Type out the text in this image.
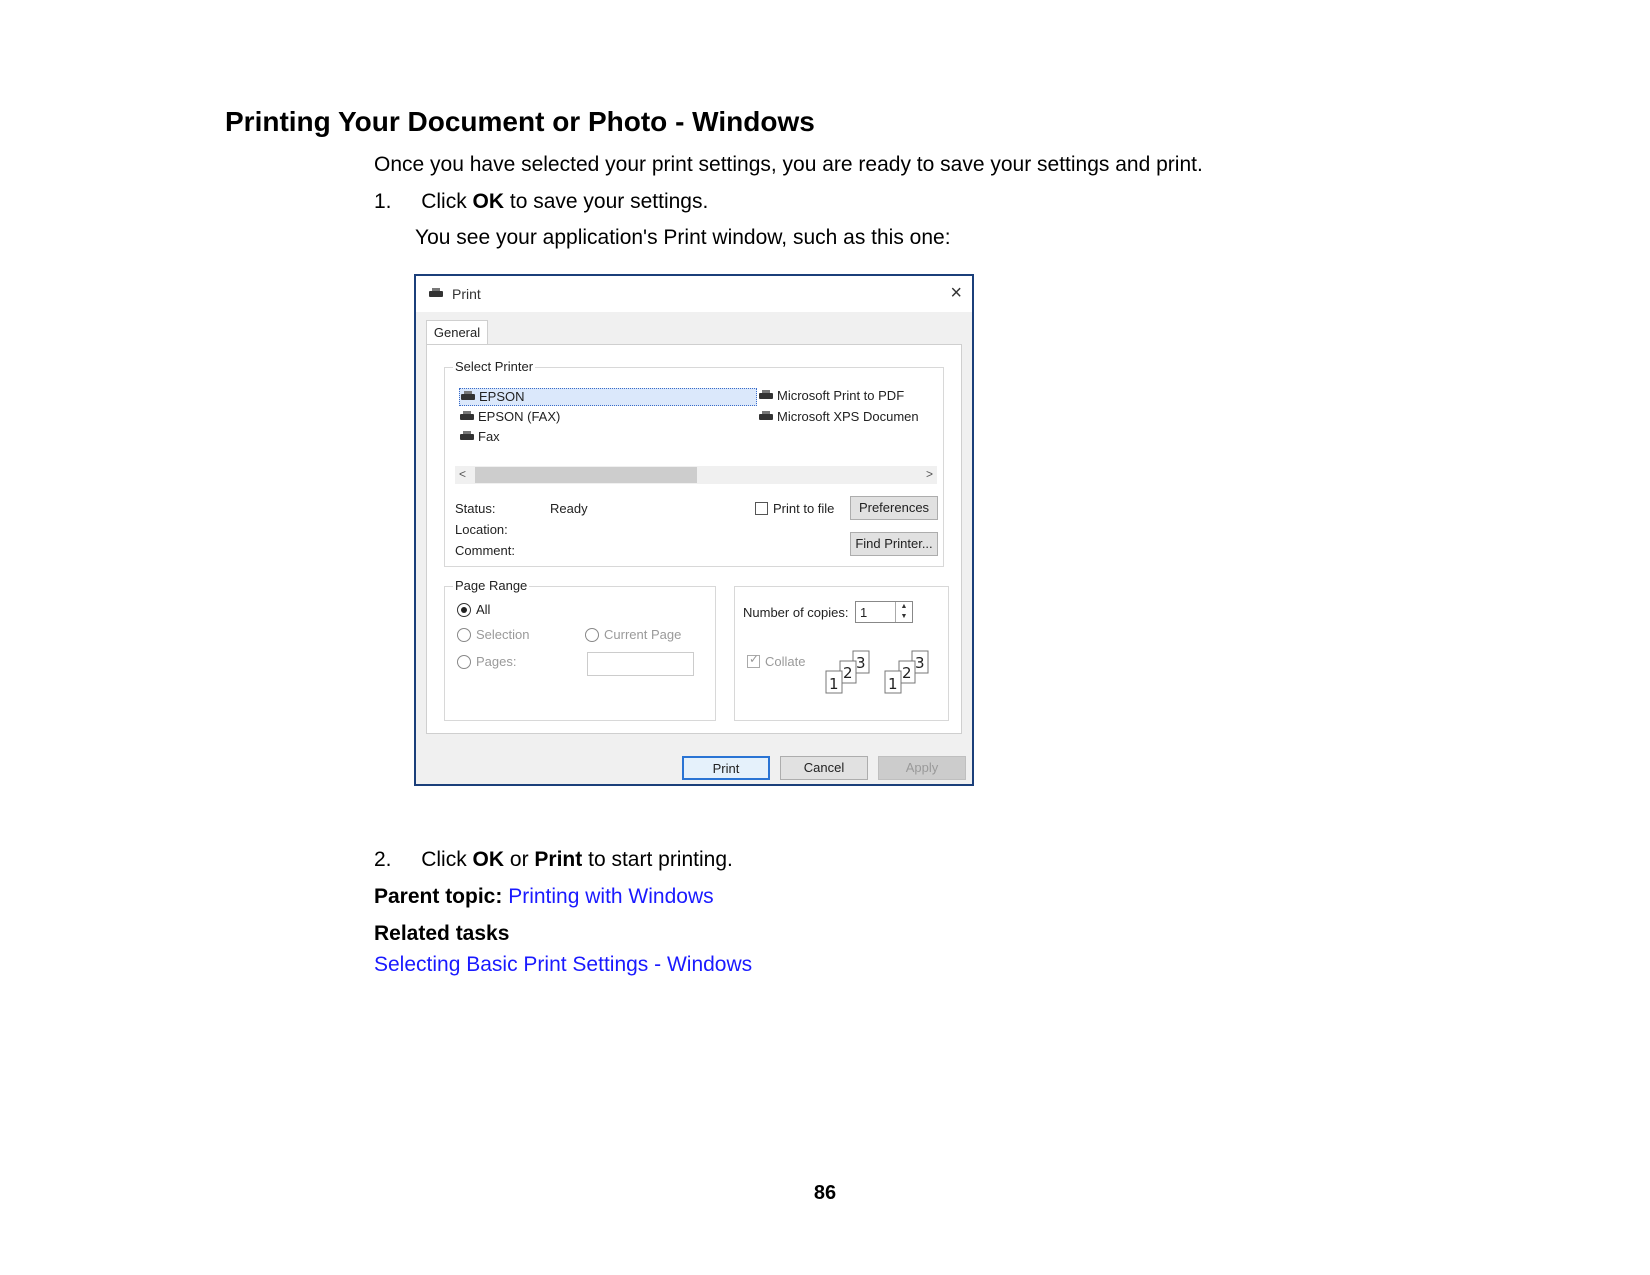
Printing Your Document or Photo - Windows
Once you have selected your print settings, you are ready to save your settings and print.
1. Click OK to save your settings.
You see your application's Print window, such as this one:
Print	×
General
Select Printer
EPSON
EPSON (FAX)
Fax
Microsoft Print to PDF
Microsoft XPS Documen
<	>
Status:	Ready
Location:
Comment:
Print to file	Preferences
Find Printer...
Page Range
All
Selection	Current Page
Pages:
Number of copies: 1	▲
▼
✓ Collate	3
2
1
3
2
1
Print	Cancel	Apply
2. Click OK or Print to start printing.
Parent topic: Printing with Windows
Related tasks
Selecting Basic Print Settings - Windows
86
